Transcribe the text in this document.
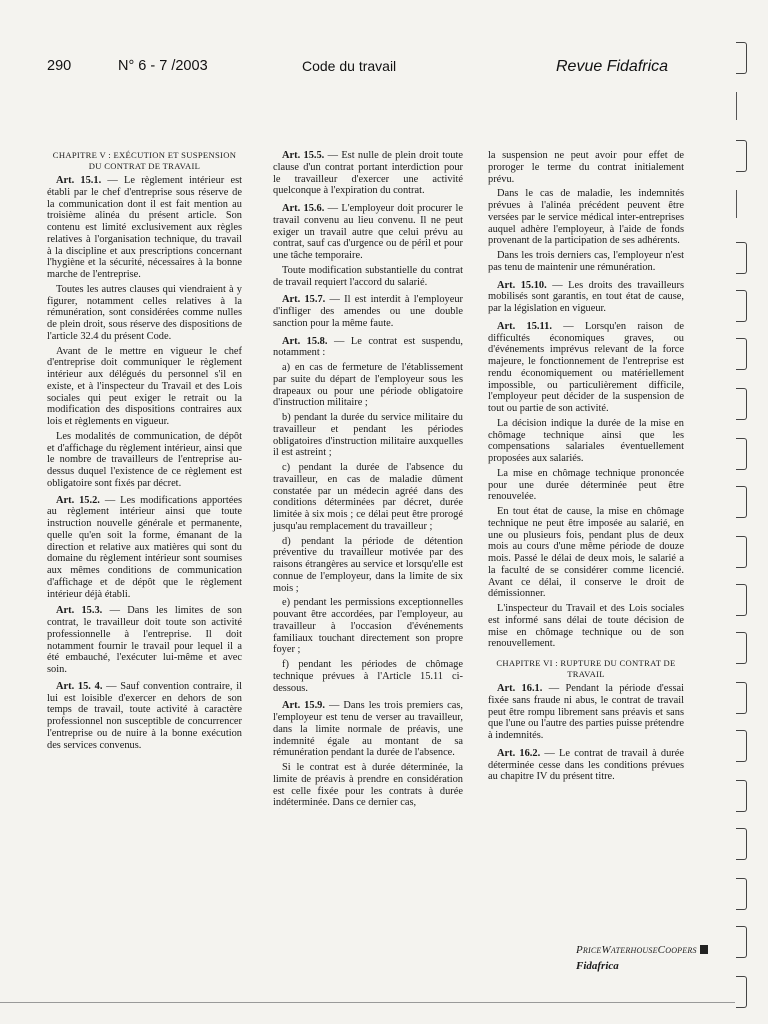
290	N° 6 - 7 /2003	Code du travail	Revue Fidafrica

CHAPITRE V : EXÉCUTION ET SUSPENSION DU CONTRAT DE TRAVAIL

Art. 15.1. — Le règlement intérieur est établi par le chef d'entreprise sous réserve de la communication dont il est fait mention au troisième alinéa du présent article. Son contenu est limité exclusivement aux règles relatives à l'organisation technique, du travail à la discipline et aux prescriptions concernant l'hygiène et la sécurité, nécessaires à la bonne marche de l'entreprise.

Toutes les autres clauses qui viendraient à y figurer, notamment celles relatives à la rémunération, sont considérées comme nulles de plein droit, sous réserve des dispositions de l'article 32.4 du présent Code.

Avant de le mettre en vigueur le chef d'entreprise doit communiquer le règlement intérieur aux délégués du personnel s'il en existe, et à l'inspecteur du Travail et des Lois sociales qui peut exiger le retrait ou la modification des dispositions contraires aux lois et règlements en vigueur.

Les modalités de communication, de dépôt et d'affichage du règlement intérieur, ainsi que le nombre de travailleurs de l'entreprise au-dessus duquel l'existence de ce règlement est obligatoire sont fixés par décret.

Art. 15.2. — Les modifications apportées au règlement intérieur ainsi que toute instruction nouvelle générale et permanente, quelle qu'en soit la forme, émanant de la direction et relative aux matières qui sont du domaine du règlement intérieur sont soumises aux mêmes conditions de communication d'affichage et de dépôt que le règlement intérieur déjà établi.

Art. 15.3. — Dans les limites de son contrat, le travailleur doit toute son activité professionnelle à l'entreprise. Il doit notamment fournir le travail pour lequel il a été embauché, l'exécuter lui-même et avec soin.

Art. 15. 4. — Sauf convention contraire, il lui est loisible d'exercer en dehors de son temps de travail, toute activité à caractère professionnel non susceptible de concurrencer l'entreprise ou de nuire à la bonne exécution des services convenus.

Art. 15.5. — Est nulle de plein droit toute clause d'un contrat portant interdiction pour le travailleur d'exercer une activité quelconque à l'expiration du contrat.

Art. 15.6. — L'employeur doit procurer le travail convenu au lieu convenu. Il ne peut exiger un travail autre que celui prévu au contrat, sauf cas d'urgence ou de péril et pour une tâche temporaire.

Toute modification substantielle du contrat de travail requiert l'accord du salarié.

Art. 15.7. — Il est interdit à l'employeur d'infliger des amendes ou une double sanction pour la même faute.

Art. 15.8. — Le contrat est suspendu, notamment :

a) en cas de fermeture de l'établissement par suite du départ de l'employeur sous les drapeaux ou pour une période obligatoire d'instruction militaire ;

b) pendant la durée du service militaire du travailleur et pendant les périodes obligatoires d'instruction militaire auxquelles il est astreint ;

c) pendant la durée de l'absence du travailleur, en cas de maladie dûment constatée par un médecin agréé dans des conditions déterminées par décret, durée limitée à six mois ; ce délai peut être prorogé jusqu'au remplacement du travailleur ;

d) pendant la période de détention préventive du travailleur motivée par des raisons étrangères au service et lorsqu'elle est connue de l'employeur, dans la limite de six mois ;

e) pendant les permissions exceptionnelles pouvant être accordées, par l'employeur, au travailleur à l'occasion d'événements familiaux touchant directement son propre foyer ;

f) pendant les périodes de chômage technique prévues à l'Article 15.11 ci-dessous.

Art. 15.9. — Dans les trois premiers cas, l'employeur est tenu de verser au travailleur, dans la limite normale de préavis, une indemnité égale au montant de sa rémunération pendant la durée de l'absence.

Si le contrat est à durée déterminée, la limite de préavis à prendre en considération est celle fixée pour les contrats à durée indéterminée. Dans ce dernier cas,

la suspension ne peut avoir pour effet de proroger le terme du contrat initialement prévu.

Dans le cas de maladie, les indemnités prévues à l'alinéa précédent peuvent être versées par le service médical inter-entreprises auquel adhère l'employeur, à l'aide de fonds provenant de la participation de ses adhérents.

Dans les trois derniers cas, l'employeur n'est pas tenu de maintenir une rémunération.

Art. 15.10. — Les droits des travailleurs mobilisés sont garantis, en tout état de cause, par la législation en vigueur.

Art. 15.11. — Lorsqu'en raison de difficultés économiques graves, ou d'événements imprévus relevant de la force majeure, le fonctionnement de l'entreprise est rendu économiquement ou matériellement impossible, ou particulièrement difficile, l'employeur peut décider de la suspension de tout ou partie de son activité.

La décision indique la durée de la mise en chômage technique ainsi que les compensations salariales éventuellement proposées aux salariés.

La mise en chômage technique prononcée pour une durée déterminée peut être renouvelée.

En tout état de cause, la mise en chômage technique ne peut être imposée au salarié, en une ou plusieurs fois, pendant plus de deux mois au cours d'une même période de douze mois. Passé le délai de deux mois, le salarié a la faculté de se considérer comme licencié. Avant ce délai, il conserve le droit de démissionner.

L'inspecteur du Travail et des Lois sociales est informé sans délai de toute décision de mise en chômage technique ou de son renouvellement.

CHAPITRE VI : RUPTURE DU CONTRAT DE TRAVAIL

Art. 16.1. — Pendant la période d'essai fixée sans fraude ni abus, le contrat de travail peut être rompu librement sans préavis et sans que l'une ou l'autre des parties puisse prétendre à indemnités.

Art. 16.2. — Le contrat de travail à durée déterminée cesse dans les conditions prévues au chapitre IV du présent titre.

PriceWaterhouseCoopers
Fidafrica
